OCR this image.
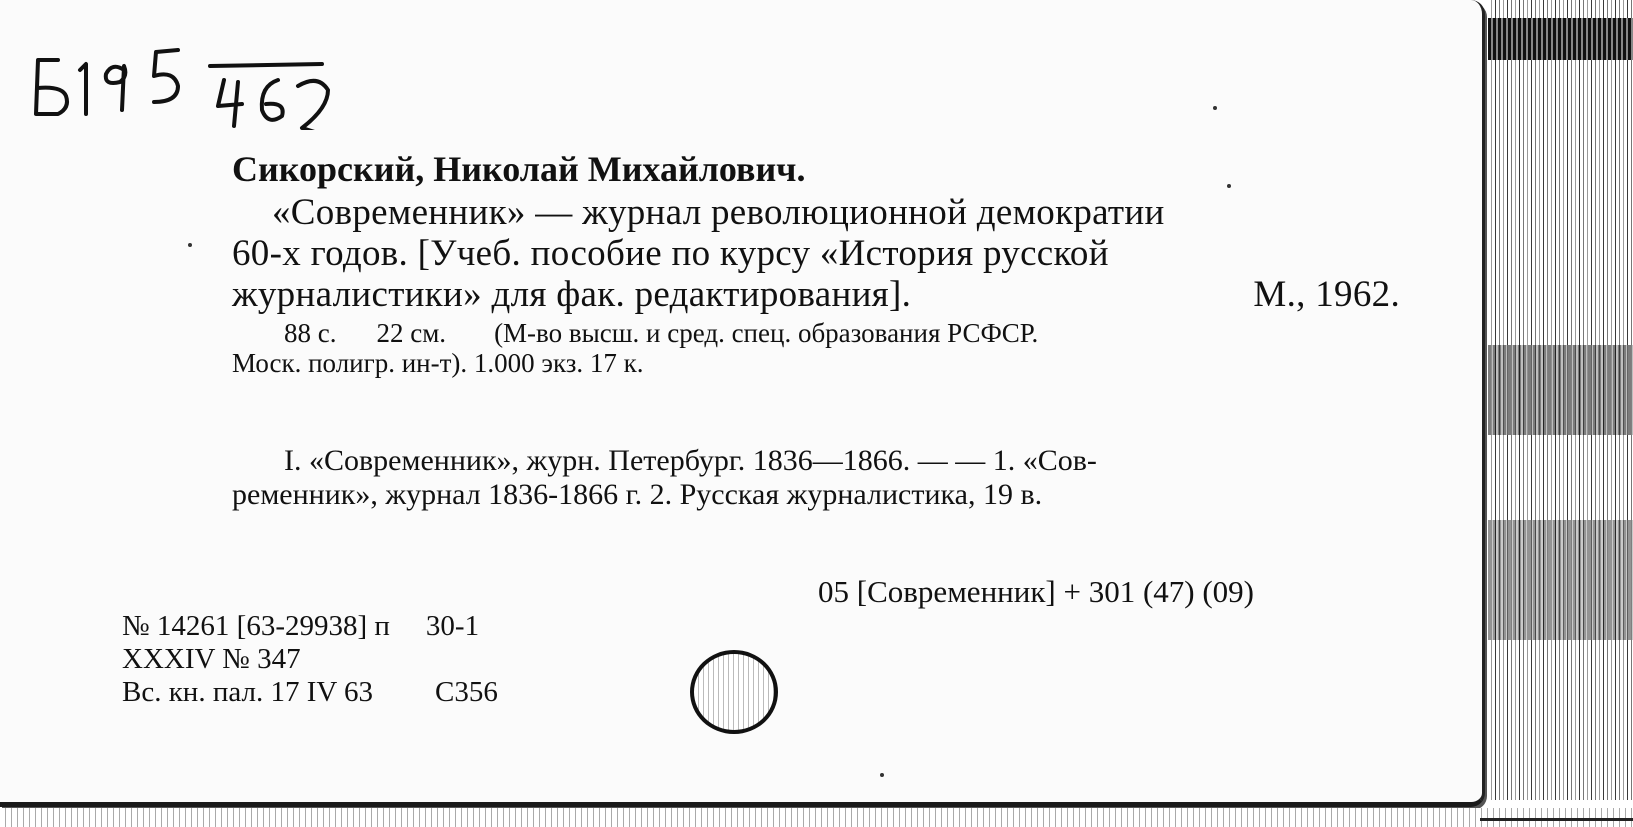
Сикорский, Николай Михайлович.
«Современник» — журнал революционной демократии
60-х годов. [Учеб. пособие по курсу «История русской
журналистики» для фак. редактирования].	М., 1962.
88 с. 22 см. (М-во высш. и сред. спец. образования РСФСР.
Моск. полигр. ин-т). 1.000 экз. 17 к.
I. «Современник», журн. Петербург. 1836—1866. — — 1. «Сов-
ременник», журнал 1836-1866 г. 2. Русская журналистика, 19 в.
05 [Современник] + 301 (47) (09)
№ 14261 [63-29938] п 30-1
XXXIV № 347
Вс. кн. пал. 17 IV 63 С356
